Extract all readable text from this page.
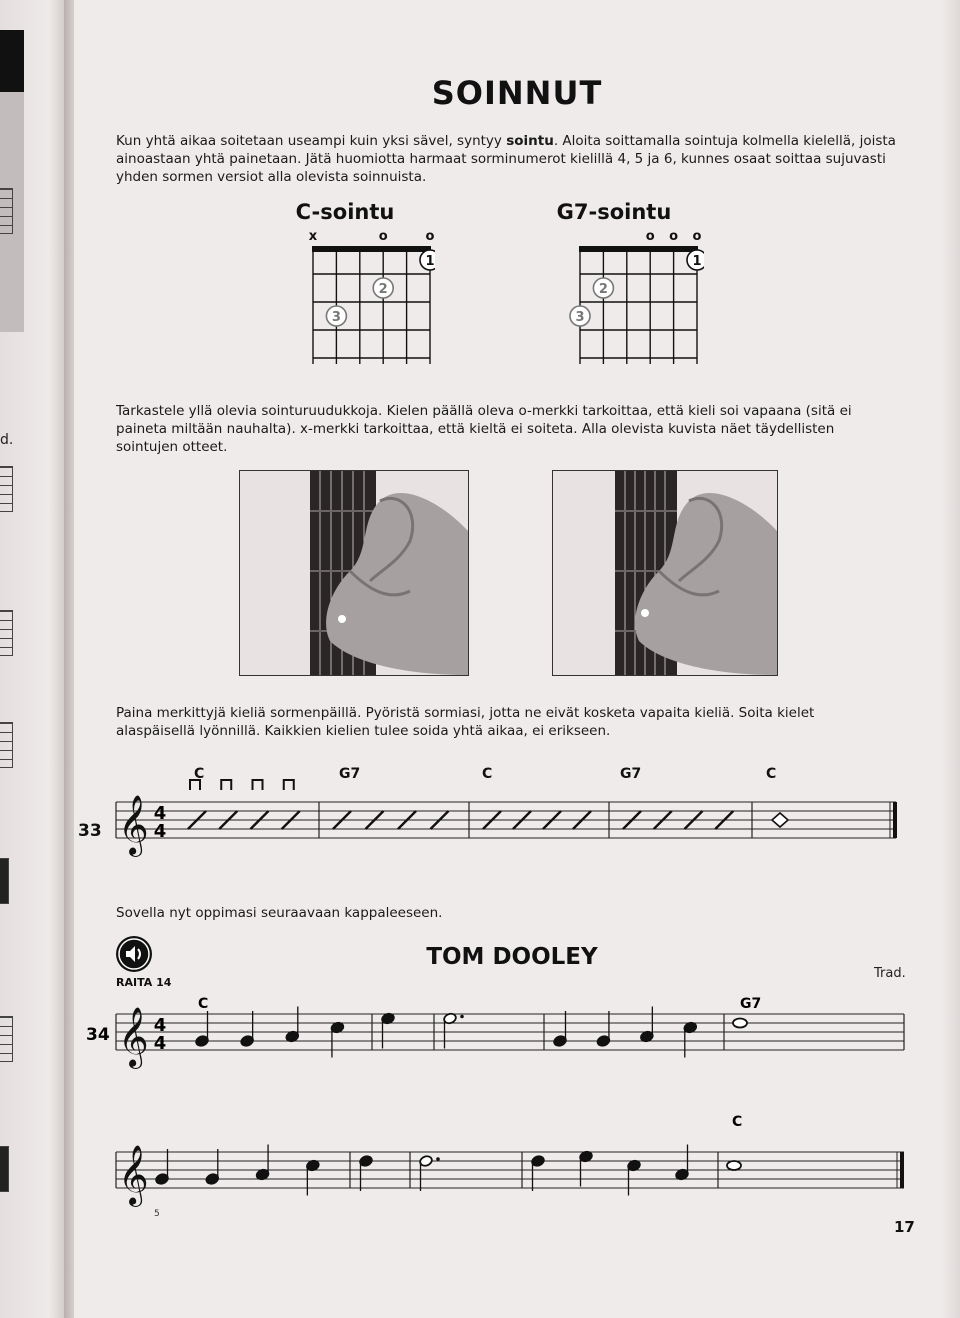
d.
SOINNUT

Kun yhtä aikaa soitetaan useampi kuin yksi sävel, syntyy sointu. Aloita soittamalla sointuja kolmella kielellä, joista ainoastaan yhtä painetaan. Jätä huomiotta harmaat sorminumerot kielillä 4, 5 ja 6, kunnes osaat soittaa sujuvasti yhden sormen versiot alla olevista soinnuista.

C-sointu
x	o	o
1
2
3
G7-sointu
o o o
1
2
3

Tarkastele yllä olevia sointuruudukkoja. Kielen päällä oleva o-merkki tarkoittaa, että kieli soi vapaana (sitä ei paineta miltään nauhalta). x-merkki tarkoittaa, että kieltä ei soiteta. Alla olevista kuvista näet täydellisten sointujen otteet.

Paina merkittyjä kieliä sormenpäillä. Pyöristä sormiasi, jotta ne eivät kosketa vapaita kieliä. Soita kielet alaspäisellä lyönnillä. Kaikkien kielien tulee soida yhtä aikaa, ei erikseen.

33 𝄞 4
4
C	G7	C	G7	C

Sovella nyt oppimasi seuraavaan kappaleeseen.

RAITA 14
TOM DOOLEY
Trad.
𝄞
34 4
4
C	G7
𝄞
5
C
17
